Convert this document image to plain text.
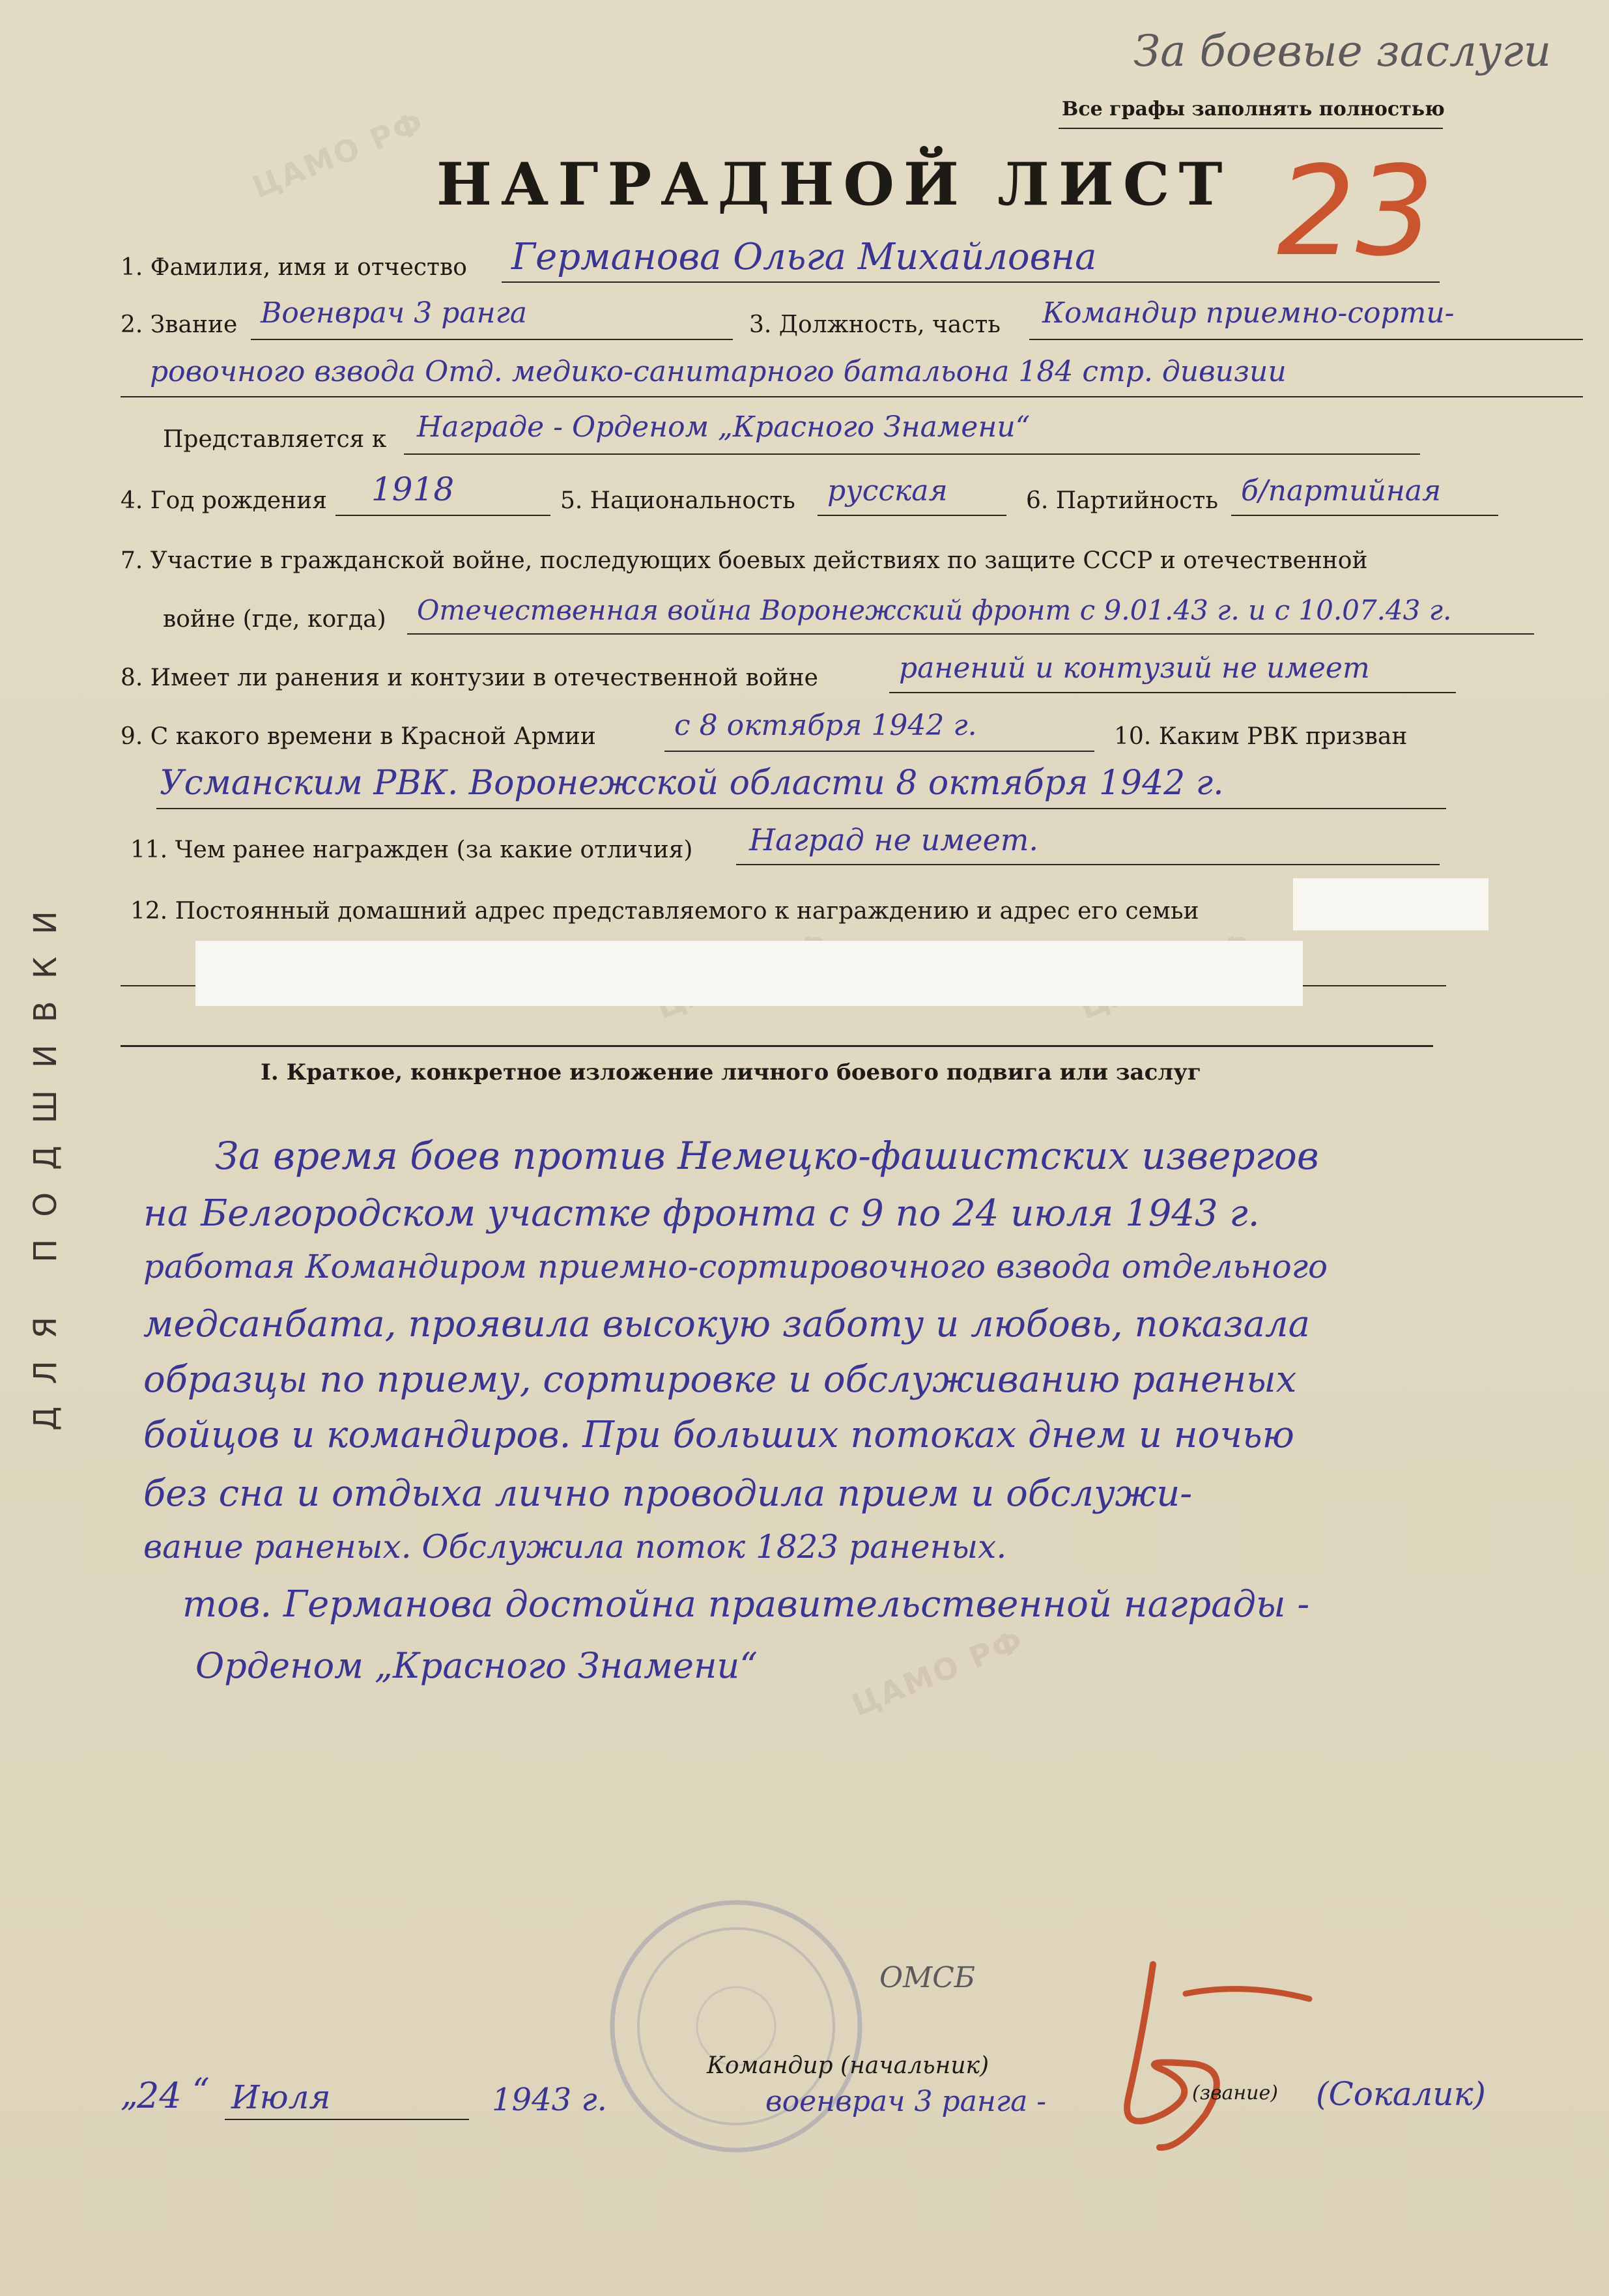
ЦАМО РФ
ЦАМО РФ
За боевые заслуги
Все графы заполнять полностью
НАГРАДНОЙ ЛИСТ 23
1. Фамилия, имя и отчество Германова Ольга Михайловна
2. Звание Военврач 3 ранга	3. Должность, часть Командир приемно-сорти-
ровочного взвода Отд. медико-санитарного батальона 184 стр. дивизии
Представляется к Награде - Орденом „Красного Знамени“
4. Год рождения 1918	5. Национальность русская	6. Партийность б/партийная
7. Участие в гражданской войне, последующих боевых действиях по защите СССР и отечественной
войне (где, когда) Отечественная война Воронежский фронт с 9.01.43 г. и с 10.07.43 г.
8. Имеет ли ранения и контузии в отечественной войне	ранений и контузий не имеет
9. С какого времени в Красной Армии	с 8 октября 1942 г.	10. Каким РВК призван
Усманским РВК. Воронежской области 8 октября 1942 г.
11. Чем ранее награжден (за какие отличия) Наград не имеет.
12. Постоянный домашний адрес представляемого к награждению и адрес его семьи
I. Краткое, конкретное изложение личного боевого подвига или заслуг
За время боев против Немецко-фашистских извергов
на Белгородском участке фронта с 9 по 24 июля 1943 г.
работая Командиром приемно-сортировочного взвода отдельного
медсанбата, проявила высокую заботу и любовь, показала
образцы по приему, сортировке и обслуживанию раненых
бойцов и командиров. При больших потоках днем и ночью
без сна и отдыха лично проводила прием и обслужи-
вание раненых. Обслужила поток 1823 раненых.
тов. Германова достойна правительственной награды -
Орденом „Красного Знамени“
ОМСБ
Командир (начальник)
„
24 “ Июля	1943 г.	военврач 3 ранга -	(звание) (Сокалик)
ДЛЯ ПОДШИВКИ
